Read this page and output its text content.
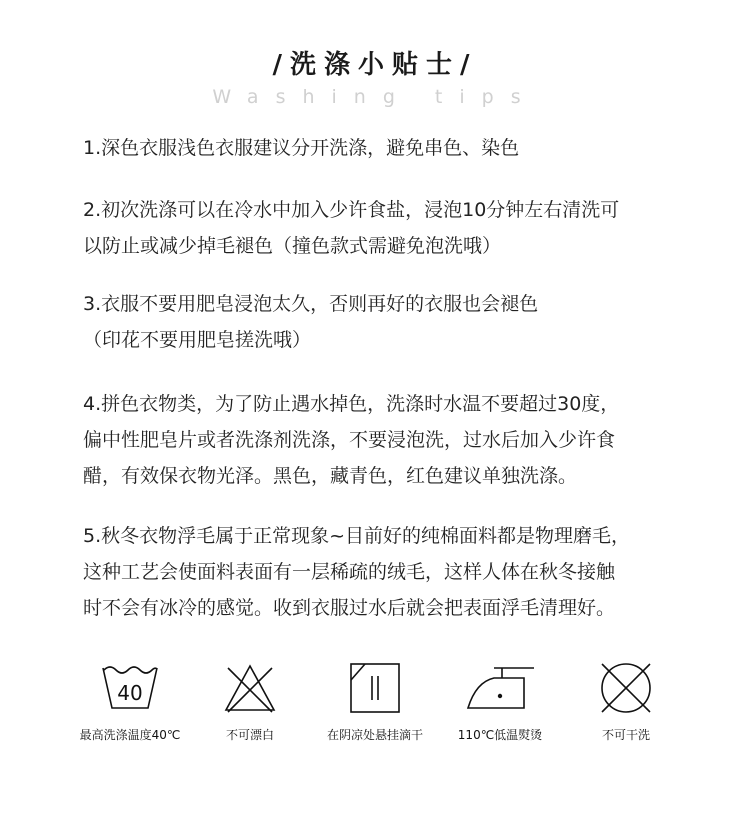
/洗涤小贴士/
Washing tips
1.深色衣服浅色衣服建议分开洗涤，避免串色、染色
2.初次洗涤可以在冷水中加入少许食盐，浸泡10分钟左右清洗可
以防止或减少掉毛褪色（撞色款式需避免泡洗哦）
3.衣服不要用肥皂浸泡太久，否则再好的衣服也会褪色
（印花不要用肥皂搓洗哦）
4.拼色衣物类，为了防止遇水掉色，洗涤时水温不要超过30度，
偏中性肥皂片或者洗涤剂洗涤，不要浸泡洗，过水后加入少许食
醋，有效保衣物光泽。黑色，藏青色，红色建议单独洗涤。
5.秋冬衣物浮毛属于正常现象~目前好的纯棉面料都是物理磨毛，
这种工艺会使面料表面有一层稀疏的绒毛，这样人体在秋冬接触
时不会有冰冷的感觉。收到衣服过水后就会把表面浮毛清理好。
40
最高洗涤温度40℃	不可漂白	在阴凉处悬挂滴干	110℃低温熨烫	不可干洗
